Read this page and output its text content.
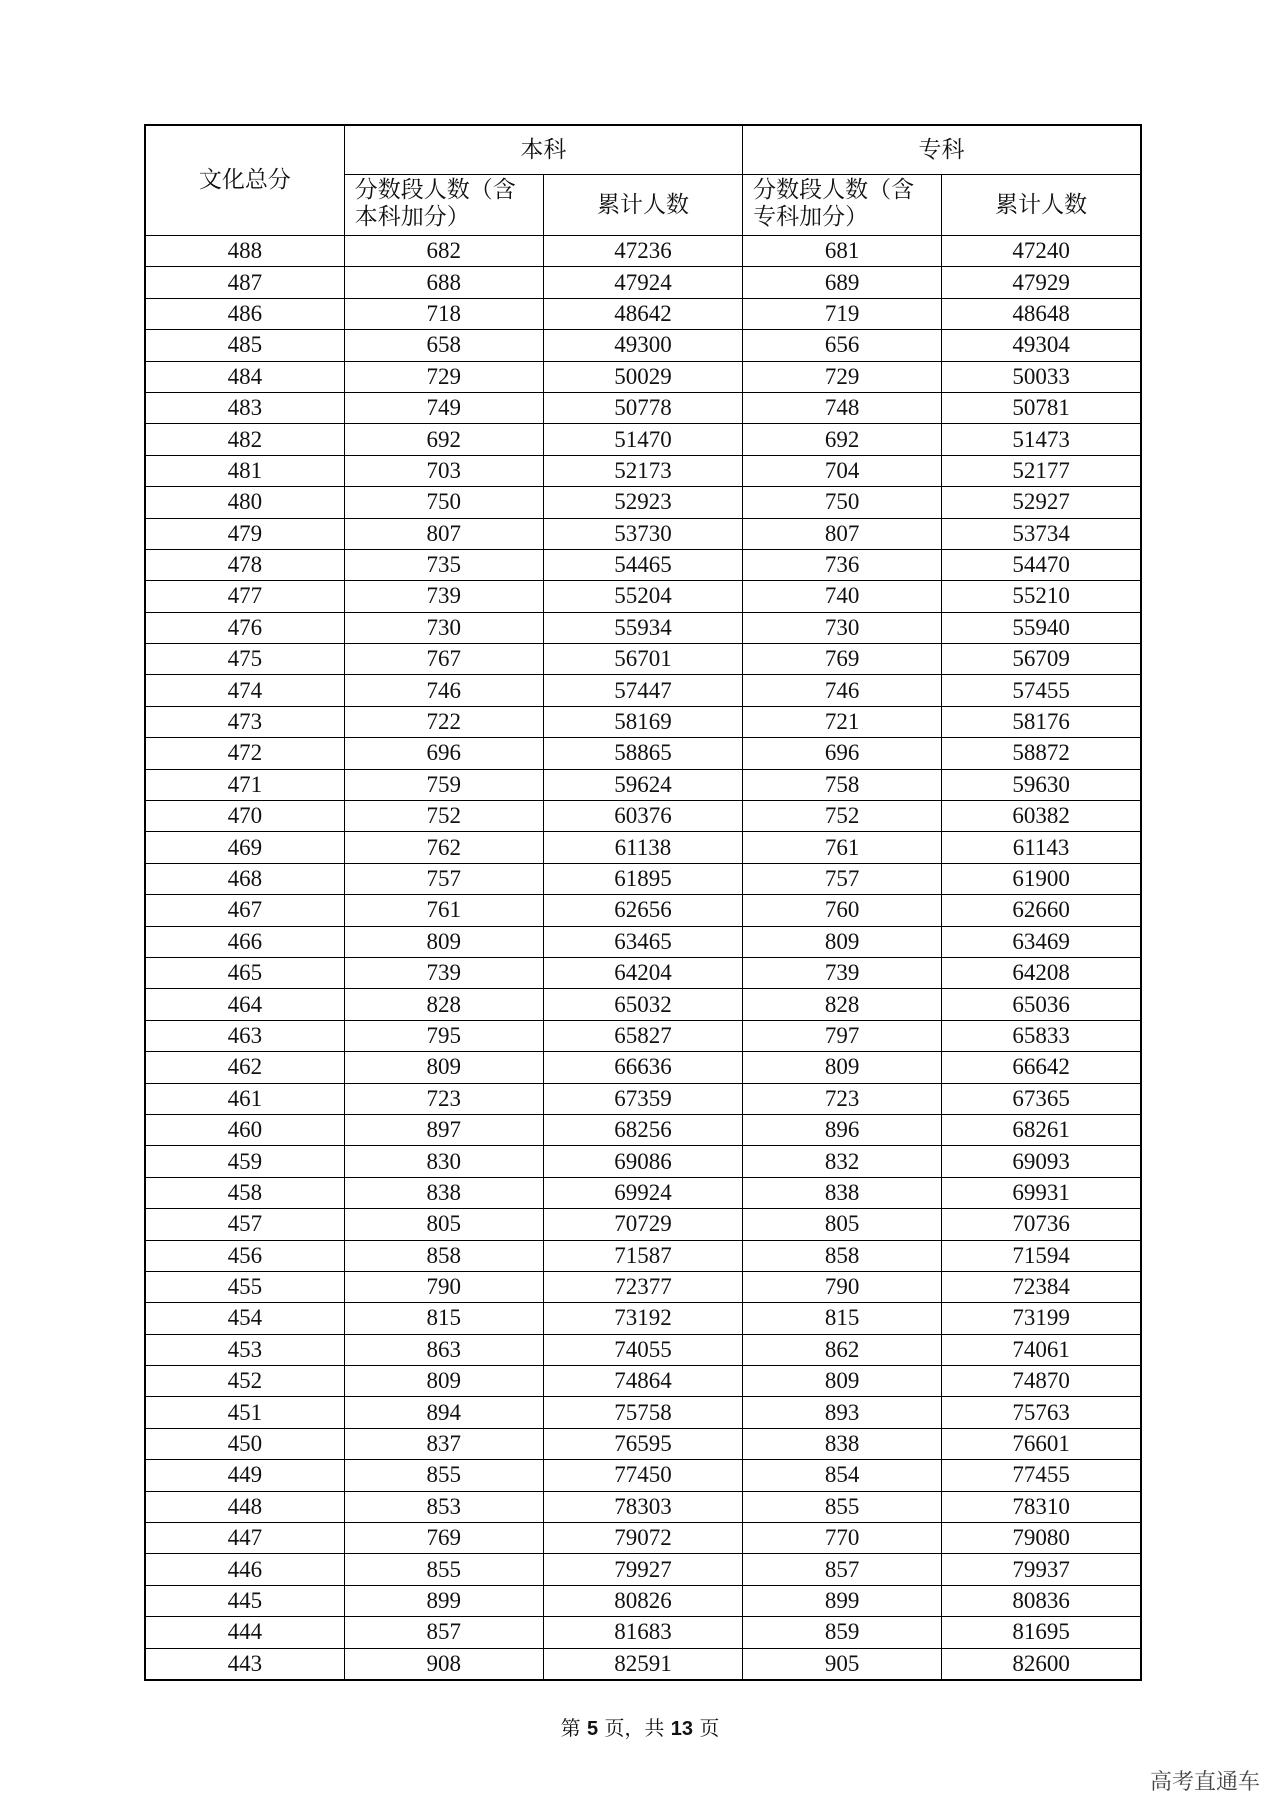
文化总分	本科		专科	
	分数段人数（含本科加分）	累计人数	分数段人数（含专科加分）	累计人数
488	682	47236	681	47240
487	688	47924	689	47929
486	718	48642	719	48648
485	658	49300	656	49304
484	729	50029	729	50033
483	749	50778	748	50781
482	692	51470	692	51473
481	703	52173	704	52177
480	750	52923	750	52927
479	807	53730	807	53734
478	735	54465	736	54470
477	739	55204	740	55210
476	730	55934	730	55940
475	767	56701	769	56709
474	746	57447	746	57455
473	722	58169	721	58176
472	696	58865	696	58872
471	759	59624	758	59630
470	752	60376	752	60382
469	762	61138	761	61143
468	757	61895	757	61900
467	761	62656	760	62660
466	809	63465	809	63469
465	739	64204	739	64208
464	828	65032	828	65036
463	795	65827	797	65833
462	809	66636	809	66642
461	723	67359	723	67365
460	897	68256	896	68261
459	830	69086	832	69093
458	838	69924	838	69931
457	805	70729	805	70736
456	858	71587	858	71594
455	790	72377	790	72384
454	815	73192	815	73199
453	863	74055	862	74061
452	809	74864	809	74870
451	894	75758	893	75763
450	837	76595	838	76601
449	855	77450	854	77455
448	853	78303	855	78310
447	769	79072	770	79080
446	855	79927	857	79937
445	899	80826	899	80836
444	857	81683	859	81695
443	908	82591	905	82600
第 5 页，共 13 页
高考直通车
